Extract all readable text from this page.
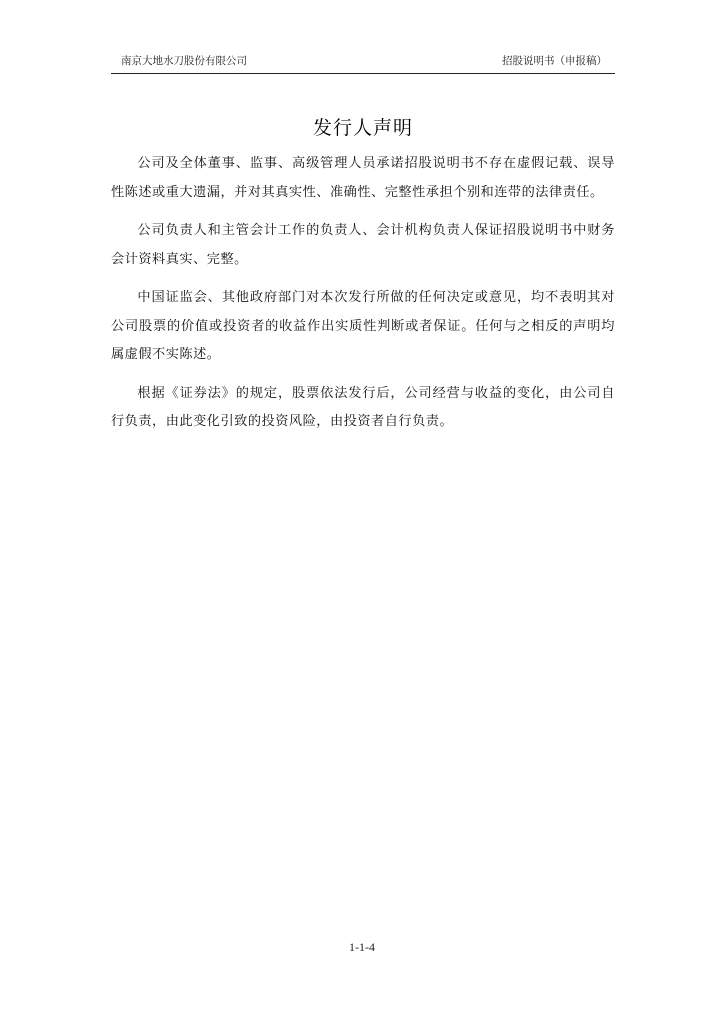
南京大地水刀股份有限公司	招股说明书（申报稿）
发行人声明

公司及全体董事、监事、高级管理人员承诺招股说明书不存在虚假记载、误导性陈述或重大遗漏，并对其真实性、准确性、完整性承担个别和连带的法律责任。

公司负责人和主管会计工作的负责人、会计机构负责人保证招股说明书中财务会计资料真实、完整。

中国证监会、其他政府部门对本次发行所做的任何决定或意见，均不表明其对公司股票的价值或投资者的收益作出实质性判断或者保证。任何与之相反的声明均属虚假不实陈述。

根据《证券法》的规定，股票依法发行后，公司经营与收益的变化，由公司自行负责，由此变化引致的投资风险，由投资者自行负责。

1-1-4
